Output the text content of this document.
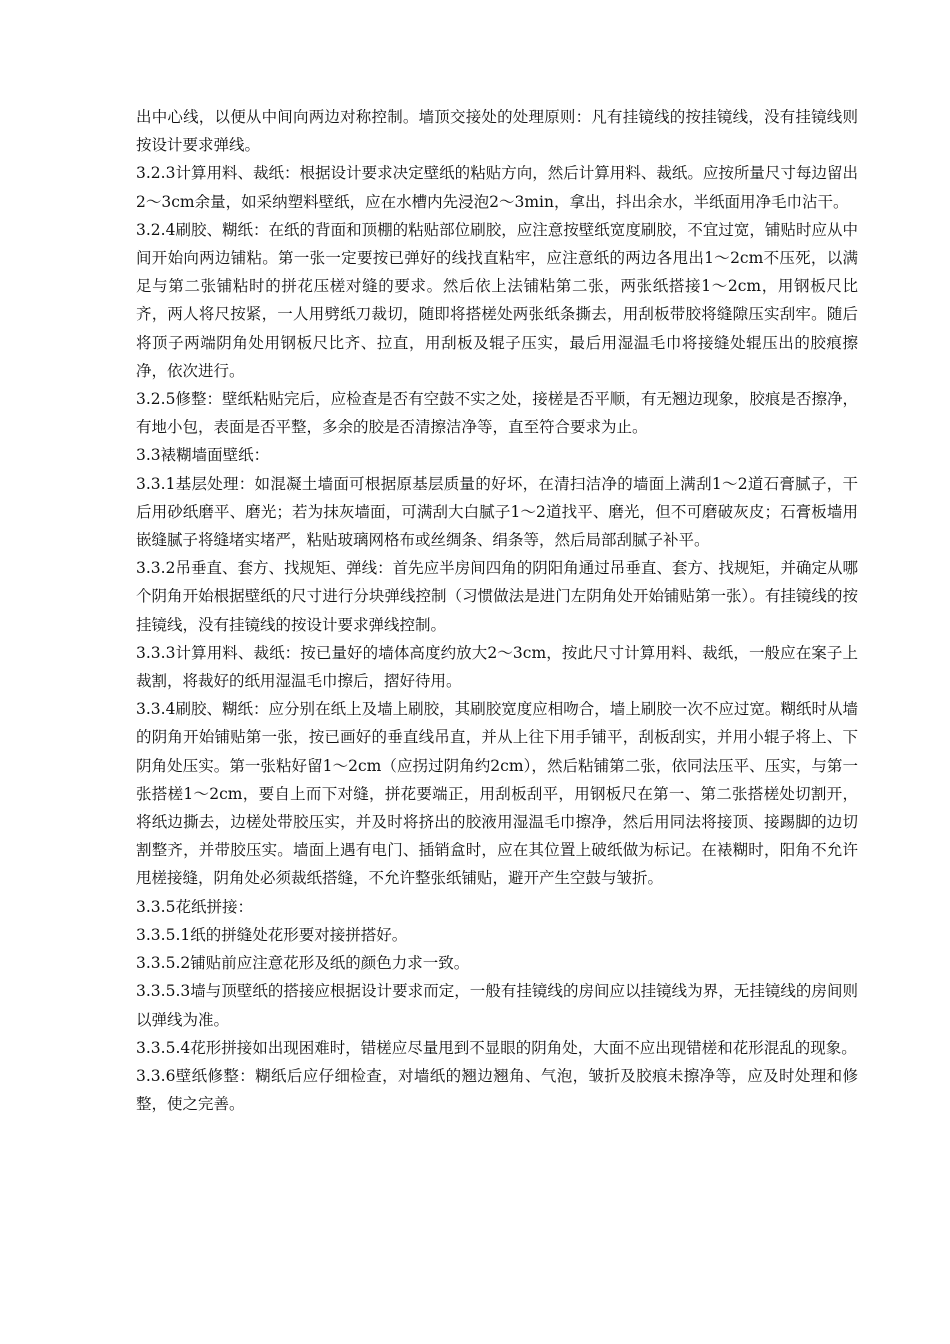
出中心线，以便从中间向两边对称控制。墙顶交接处的处理原则：凡有挂镜线的按挂镜线，没有挂镜线则按设计要求弹线。

3.2.3计算用料、裁纸：根据设计要求决定壁纸的粘贴方向，然后计算用料、裁纸。应按所量尺寸每边留出2～3cm余量，如采纳塑料壁纸，应在水槽内先浸泡2～3min，拿出，抖出余水，半纸面用净毛巾沾干。

3.2.4刷胶、糊纸：在纸的背面和顶棚的粘贴部位刷胶，应注意按壁纸宽度刷胶，不宜过宽，铺贴时应从中间开始向两边铺粘。第一张一定要按已弹好的线找直粘牢，应注意纸的两边各甩出1～2cm不压死，以满足与第二张铺粘时的拼花压槎对缝的要求。然后依上法铺粘第二张，两张纸搭接1～2cm，用钢板尺比齐，两人将尺按紧，一人用劈纸刀裁切，随即将搭槎处两张纸条撕去，用刮板带胶将缝隙压实刮牢。随后将顶子两端阴角处用钢板尺比齐、拉直，用刮板及辊子压实，最后用湿温毛巾将接缝处辊压出的胶痕擦净，依次进行。

3.2.5修整：壁纸粘贴完后，应检查是否有空鼓不实之处，接槎是否平顺，有无翘边现象，胶痕是否擦净，有地小包，表面是否平整，多余的胶是否清擦洁净等，直至符合要求为止。

3.3裱糊墙面壁纸：

3.3.1基层处理：如混凝土墙面可根据原基层质量的好坏，在清扫洁净的墙面上满刮1～2道石膏腻子，干后用砂纸磨平、磨光；若为抹灰墙面，可满刮大白腻子1～2道找平、磨光，但不可磨破灰皮；石膏板墙用嵌缝腻子将缝堵实堵严，粘贴玻璃网格布或丝绸条、绢条等，然后局部刮腻子补平。

3.3.2吊垂直、套方、找规矩、弹线：首先应半房间四角的阴阳角通过吊垂直、套方、找规矩，并确定从哪个阴角开始根据壁纸的尺寸进行分块弹线控制（习惯做法是进门左阴角处开始铺贴第一张）。有挂镜线的按挂镜线，没有挂镜线的按设计要求弹线控制。

3.3.3计算用料、裁纸：按已量好的墙体高度约放大2～3cm，按此尺寸计算用料、裁纸，一般应在案子上裁割，将裁好的纸用湿温毛巾擦后，摺好待用。

3.3.4刷胶、糊纸：应分别在纸上及墙上刷胶，其刷胶宽度应相吻合，墙上刷胶一次不应过宽。糊纸时从墙的阴角开始铺贴第一张，按已画好的垂直线吊直，并从上往下用手铺平，刮板刮实，并用小辊子将上、下阴角处压实。第一张粘好留1～2cm（应拐过阴角约2cm），然后粘铺第二张，依同法压平、压实，与第一张搭槎1～2cm，要自上而下对缝，拼花要端正，用刮板刮平，用钢板尺在第一、第二张搭槎处切割开，将纸边撕去，边槎处带胶压实，并及时将挤出的胶液用湿温毛巾擦净，然后用同法将接顶、接踢脚的边切割整齐，并带胶压实。墙面上遇有电门、插销盒时，应在其位置上破纸做为标记。在裱糊时，阳角不允许甩槎接缝，阴角处必须裁纸搭缝，不允许整张纸铺贴，避开产生空鼓与皱折。

3.3.5花纸拼接：

3.3.5.1纸的拼缝处花形要对接拼搭好。

3.3.5.2铺贴前应注意花形及纸的颜色力求一致。

3.3.5.3墙与顶壁纸的搭接应根据设计要求而定，一般有挂镜线的房间应以挂镜线为界，无挂镜线的房间则以弹线为准。

3.3.5.4花形拼接如出现困难时，错槎应尽量甩到不显眼的阴角处，大面不应出现错槎和花形混乱的现象。

3.3.6壁纸修整：糊纸后应仔细检查，对墙纸的翘边翘角、气泡，皱折及胶痕未擦净等，应及时处理和修整，使之完善。
